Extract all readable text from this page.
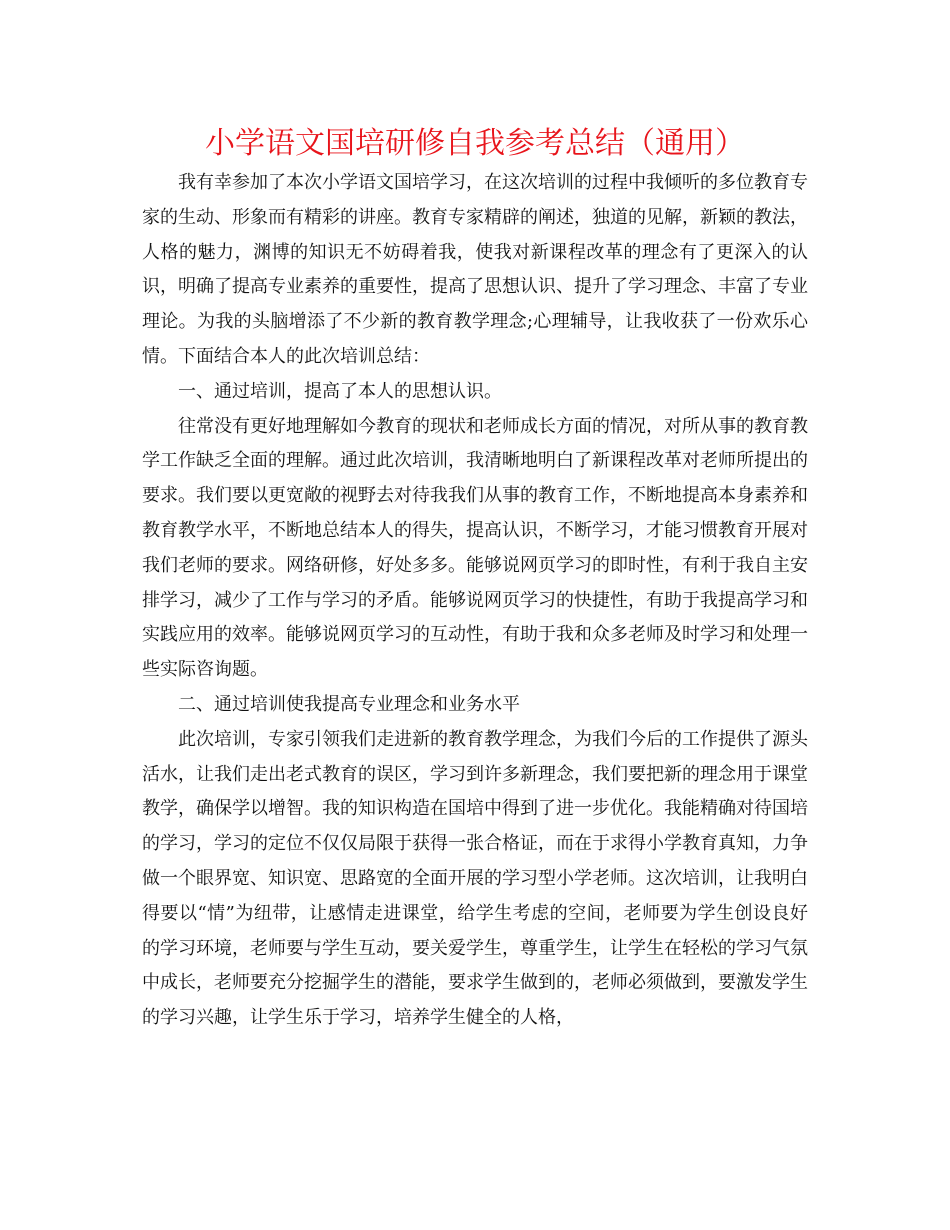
小学语文国培研修自我参考总结（通用）

我有幸参加了本次小学语文国培学习，在这次培训的过程中我倾听的多位教育专家的生动、形象而有精彩的讲座。教育专家精辟的阐述，独道的见解，新颖的教法，人格的魅力，渊博的知识无不妨碍着我，使我对新课程改革的理念有了更深入的认识，明确了提高专业素养的重要性，提高了思想认识、提升了学习理念、丰富了专业理论。为我的头脑增添了不少新的教育教学理念;心理辅导，让我收获了一份欢乐心情。下面结合本人的此次培训总结：

一、通过培训，提高了本人的思想认识。

往常没有更好地理解如今教育的现状和老师成长方面的情况，对所从事的教育教学工作缺乏全面的理解。通过此次培训，我清晰地明白了新课程改革对老师所提出的要求。我们要以更宽敞的视野去对待我我们从事的教育工作，不断地提高本身素养和教育教学水平，不断地总结本人的得失，提高认识，不断学习，才能习惯教育开展对我们老师的要求。网络研修，好处多多。能够说网页学习的即时性，有利于我自主安排学习，减少了工作与学习的矛盾。能够说网页学习的快捷性，有助于我提高学习和实践应用的效率。能够说网页学习的互动性，有助于我和众多老师及时学习和处理一些实际咨询题。

二、通过培训使我提高专业理念和业务水平

此次培训，专家引领我们走进新的教育教学理念，为我们今后的工作提供了源头活水，让我们走出老式教育的误区，学习到许多新理念，我们要把新的理念用于课堂教学，确保学以增智。我的知识构造在国培中得到了进一步优化。我能精确对待国培的学习，学习的定位不仅仅局限于获得一张合格证，而在于求得小学教育真知，力争做一个眼界宽、知识宽、思路宽的全面开展的学习型小学老师。这次培训，让我明白得要以“情”为纽带，让感情走进课堂，给学生考虑的空间，老师要为学生创设良好的学习环境，老师要与学生互动，要关爱学生，尊重学生，让学生在轻松的学习气氛中成长，老师要充分挖掘学生的潜能，要求学生做到的，老师必须做到，要激发学生的学习兴趣，让学生乐于学习，培养学生健全的人格，
